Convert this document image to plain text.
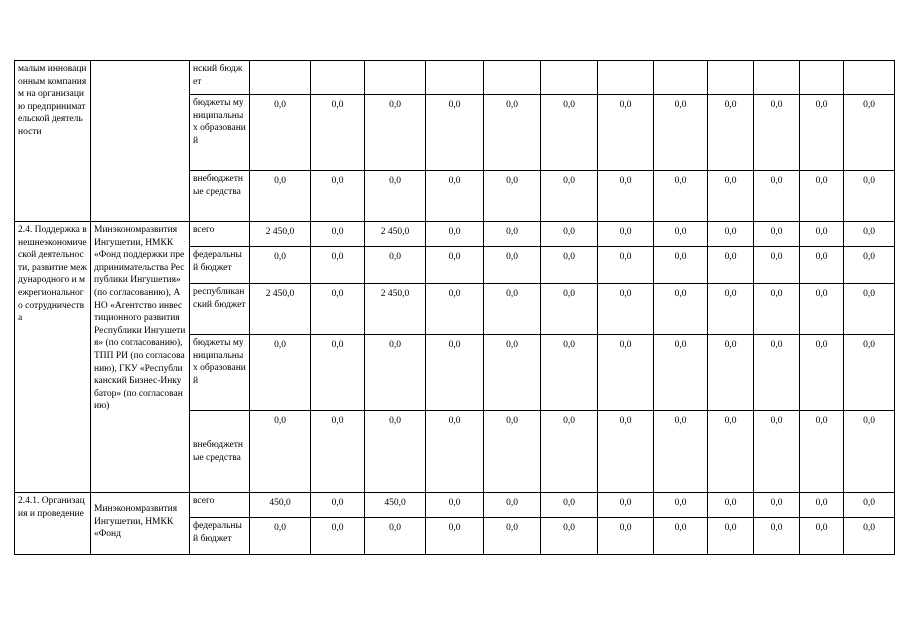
малым инновационным компаниям на организацию предпринимательской деятельности		нский бюджет												
		бюджеты муниципальных образований	0,0	0,0	0,0	0,0	0,0	0,0	0,0	0,0	0,0	0,0	0,0	0,0
		внебюджетные средства	0,0	0,0	0,0	0,0	0,0	0,0	0,0	0,0	0,0	0,0	0,0	0,0
2.4. Поддержка внешнеэкономической деятельности, развитие международного и межрегионального сотрудничества	Минэкономразвития Ингушетии, НМКК «Фонд поддержки предпринимательства Республики Ингушетия» (по согласованию), АНО «Агентство инвестиционного развития Республики Ингушетия» (по согласованию), ТПП РИ (по согласованию), ГКУ «Республиканский Бизнес-Инкубатор» (по согласованию)	всего	2 450,0	0,0	2 450,0	0,0	0,0	0,0	0,0	0,0	0,0	0,0	0,0	0,0
		федеральный бюджет	0,0	0,0	0,0	0,0	0,0	0,0	0,0	0,0	0,0	0,0	0,0	0,0
		республиканский бюджет	2 450,0	0,0	2 450,0	0,0	0,0	0,0	0,0	0,0	0,0	0,0	0,0	0,0
		бюджеты муниципальных образований	0,0	0,0	0,0	0,0	0,0	0,0	0,0	0,0	0,0	0,0	0,0	0,0
		внебюджетные средства	0,0	0,0	0,0	0,0	0,0	0,0	0,0	0,0	0,0	0,0	0,0	0,0
2.4.1. Организация и проведение	Минэкономразвития Ингушетии, НМКК «Фонд	всего	450,0	0,0	450,0	0,0	0,0	0,0	0,0	0,0	0,0	0,0	0,0	0,0
		федеральный бюджет	0,0	0,0	0,0	0,0	0,0	0,0	0,0	0,0	0,0	0,0	0,0	0,0
